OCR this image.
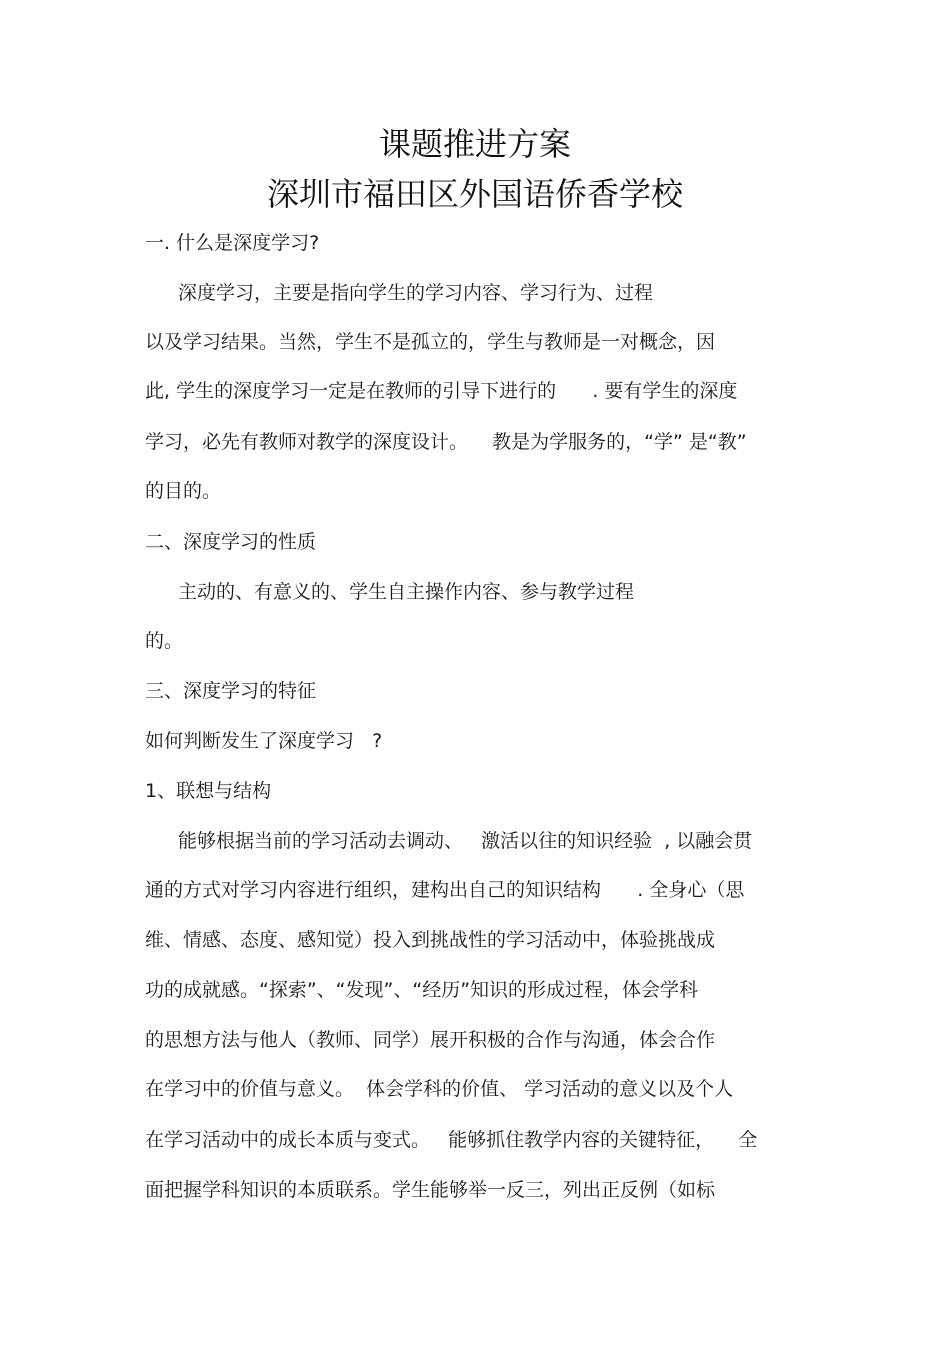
课题推进方案
深圳市福田区外国语侨香学校
一. 什么是深度学习?
深度学习，主要是指向学生的学习内容、学习行为、过程
以及学习结果。当然，学生不是孤立的，学生与教师是一对概念，因
此, 学生的深度学习一定是在教师的引导下进行的      . 要有学生的深度
学习，必先有教师对教学的深度设计。    教是为学服务的，“学” 是“教”
的目的。
二、深度学习的性质
主动的、有意义的、学生自主操作内容、参与教学过程
的。
三、深度学习的特征
如何判断发生了深度学习   ?
1、联想与结构
能够根据当前的学习活动去调动、   激活以往的知识经验  , 以融会贯
通的方式对学习内容进行组织，建构出自己的知识结构      . 全身心（思
维、情感、态度、感知觉）投入到挑战性的学习活动中，体验挑战成
功的成就感。“探索”、“发现”、“经历”知识的形成过程，体会学科
的思想方法与他人（教师、同学）展开积极的合作与沟通，体会合作
在学习中的价值与意义。  体会学科的价值、 学习活动的意义以及个人
在学习活动中的成长本质与变式。   能够抓住教学内容的关键特征，    全
面把握学科知识的本质联系。学生能够举一反三，列出正反例（如标
